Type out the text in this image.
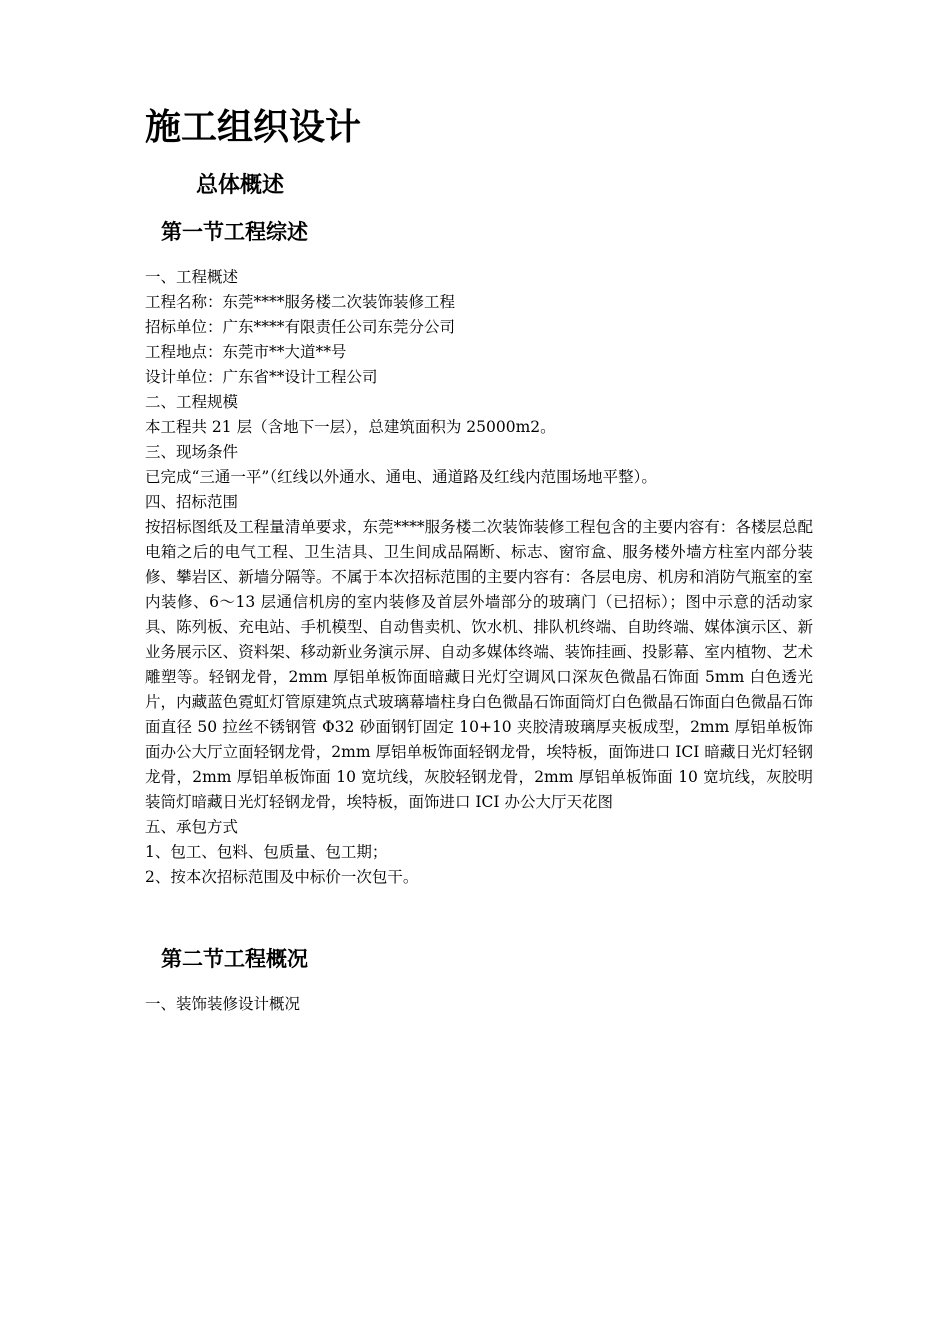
施工组织设计
总体概述
第一节工程综述
一、工程概述
工程名称：东莞****服务楼二次装饰装修工程
招标单位：广东****有限责任公司东莞分公司
工程地点：东莞市**大道**号
设计单位：广东省**设计工程公司
二、工程规模
本工程共 21 层（含地下一层），总建筑面积为 25000m2。
三、现场条件
已完成“三通一平”（红线以外通水、通电、通道路及红线内范围场地平整）。
四、招标范围
按招标图纸及工程量清单要求，东莞****服务楼二次装饰装修工程包含的主要内容有：各楼层总配电箱之后的电气工程、卫生洁具、卫生间成品隔断、标志、窗帘盒、服务楼外墙方柱室内部分装修、攀岩区、新墙分隔等。不属于本次招标范围的主要内容有：各层电房、机房和消防气瓶室的室内装修、6～13 层通信机房的室内装修及首层外墙部分的玻璃门（已招标）；图中示意的活动家具、陈列板、充电站、手机模型、自动售卖机、饮水机、排队机终端、自助终端、媒体演示区、新业务展示区、资料架、移动新业务演示屏、自动多媒体终端、装饰挂画、投影幕、室内植物、艺术雕塑等。轻钢龙骨，2mm 厚铝单板饰面暗藏日光灯空调风口深灰色微晶石饰面 5mm 白色透光片，内藏蓝色霓虹灯管原建筑点式玻璃幕墙柱身白色微晶石饰面筒灯白色微晶石饰面白色微晶石饰面直径 50 拉丝不锈钢管 Φ32 砂面钢钉固定 10+10 夹胶清玻璃厚夹板成型，2mm 厚铝单板饰面办公大厅立面轻钢龙骨，2mm 厚铝单板饰面轻钢龙骨，埃特板，面饰进口 ICI 暗藏日光灯轻钢龙骨，2mm 厚铝单板饰面 10 宽坑线，灰胶轻钢龙骨，2mm 厚铝单板饰面 10 宽坑线，灰胶明装筒灯暗藏日光灯轻钢龙骨，埃特板，面饰进口 ICI 办公大厅天花图
五、承包方式
1、包工、包料、包质量、包工期；
2、按本次招标范围及中标价一次包干。
第二节工程概况
一、装饰装修设计概况
